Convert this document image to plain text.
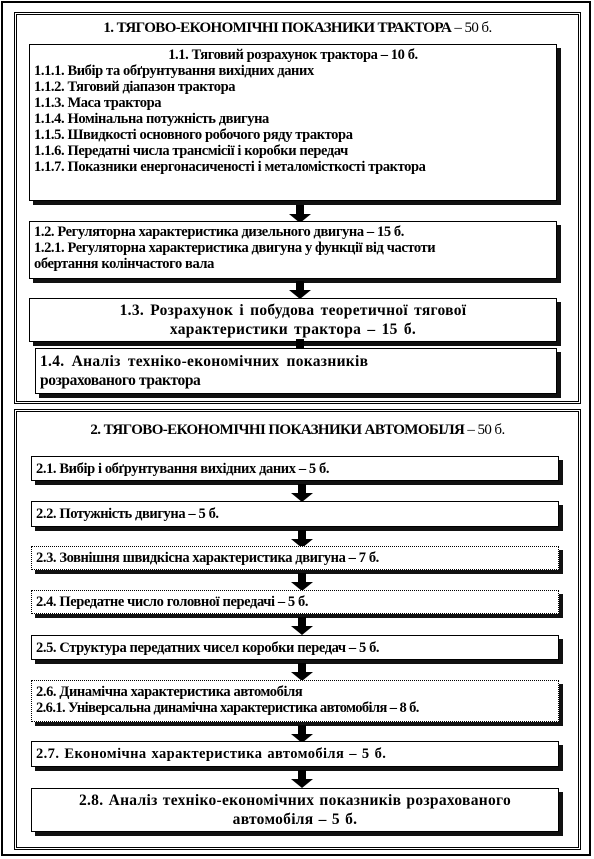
1. ТЯГОВО-ЕКОНОМІЧНІ ПОКАЗНИКИ ТРАКТОРА – 50 б.
1.1. Тяговий розрахунок трактора – 10 б.
1.1.1. Вибір та обґрунтування вихідних даних
1.1.2. Тяговий діапазон трактора
1.1.3. Маса трактора
1.1.4. Номінальна потужність двигуна
1.1.5. Швидкості основного робочого ряду трактора
1.1.6. Передатні числа трансмісії і коробки передач
1.1.7. Показники енергонасиченості і металомісткості трактора
1.2. Регуляторна характеристика дизельного двигуна – 15 б.
1.2.1. Регуляторна характеристика двигуна у функції від частоти
обертання колінчастого вала
1.3. Розрахунок і побудова теоретичної тягової
характеристики трактора – 15 б.
1.4. Аналіз техніко-економічних показників
розрахованого трактора
2. ТЯГОВО-ЕКОНОМІЧНІ ПОКАЗНИКИ АВТОМОБІЛЯ – 50 б.
2.1. Вибір і обґрунтування вихідних даних – 5 б.
2.2. Потужність двигуна – 5 б.
2.3. Зовнішня швидкісна характеристика двигуна – 7 б.
2.4. Передатне число головної передачі – 5 б.
2.5. Структура передатних чисел коробки передач – 5 б.
2.6. Динамічна характеристика автомобіля
2.6.1. Універсальна динамічна характеристика автомобіля – 8 б.
2.7. Економічна характеристика автомобіля – 5 б.
2.8. Аналіз техніко-економічних показників розрахованого
автомобіля – 5 б.
